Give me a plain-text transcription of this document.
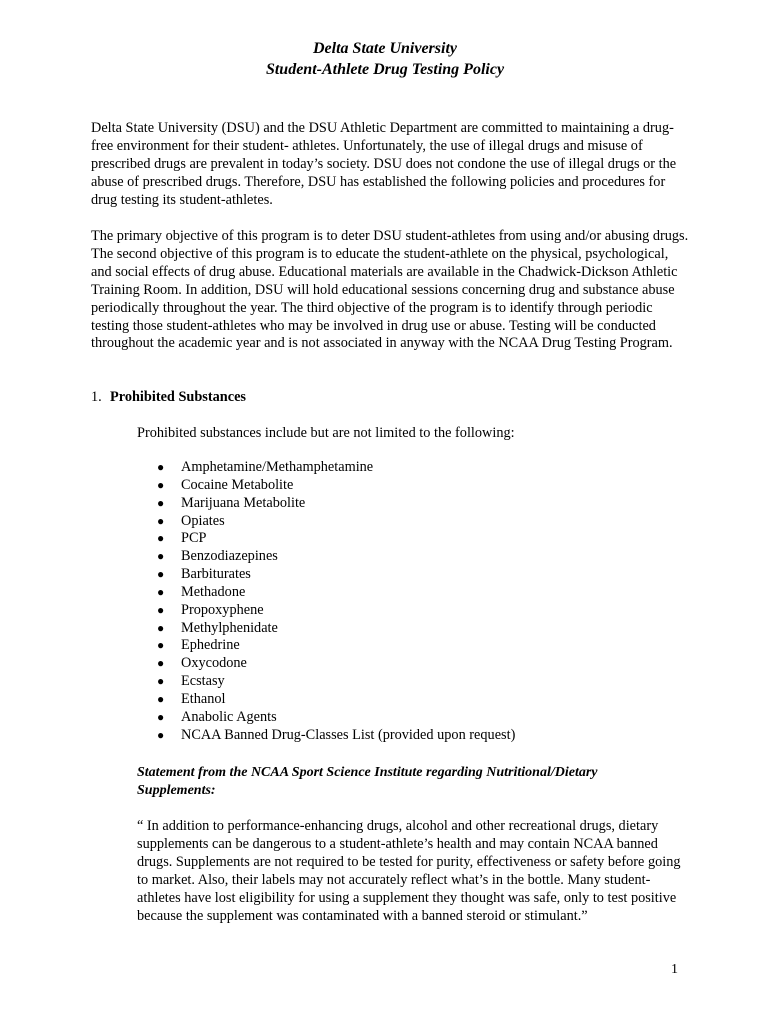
Delta State University
Student-Athlete Drug Testing Policy

Delta State University (DSU) and the DSU Athletic Department are committed to maintaining a drug-free environment for their student- athletes. Unfortunately, the use of illegal drugs and misuse of prescribed drugs are prevalent in today’s society. DSU does not condone the use of illegal drugs or the abuse of prescribed drugs. Therefore, DSU has established the following policies and procedures for drug testing its student-athletes.

The primary objective of this program is to deter DSU student-athletes from using and/or abusing drugs. The second objective of this program is to educate the student-athlete on the physical, psychological, and social effects of drug abuse. Educational materials are available in the Chadwick-Dickson Athletic Training Room. In addition, DSU will hold educational sessions concerning drug and substance abuse periodically throughout the year. The third objective of the program is to identify through periodic testing those student-athletes who may be involved in drug use or abuse. Testing will be conducted throughout the academic year and is not associated in anyway with the NCAA Drug Testing Program.

1. Prohibited Substances
Prohibited substances include but are not limited to the following:
● Amphetamine/Methamphetamine
● Cocaine Metabolite
● Marijuana Metabolite
● Opiates
● PCP
● Benzodiazepines
● Barbiturates
● Methadone
● Propoxyphene
● Methylphenidate
● Ephedrine
● Oxycodone
● Ecstasy
● Ethanol
● Anabolic Agents
● NCAA Banned Drug-Classes List (provided upon request)
Statement from the NCAA Sport Science Institute regarding Nutritional/Dietary Supplements:
“ In addition to performance-enhancing drugs, alcohol and other recreational drugs, dietary supplements can be dangerous to a student-athlete’s health and may contain NCAA banned drugs. Supplements are not required to be tested for purity, effectiveness or safety before going to market. Also, their labels may not accurately reflect what’s in the bottle. Many student-athletes have lost eligibility for using a supplement they thought was safe, only to test positive because the supplement was contaminated with a banned steroid or stimulant.”
1
